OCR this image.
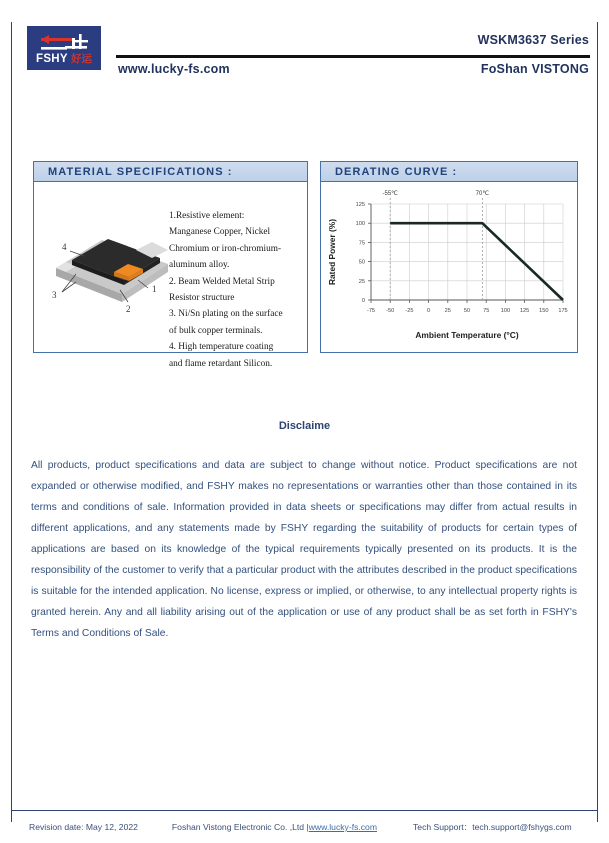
FSHY 好运
WSKM3637 Series
www.lucky-fs.com	FoShan VISTONG
MATERIAL SPECIFICATIONS :
4
3
2
1
1.Resistive element:
Manganese Copper, Nickel
Chromium or iron-chromium-
aluminum alloy.
2. Beam Welded Metal Strip
Resistor structure
3. Ni/Sn plating on the surface
of bulk copper terminals.
4. High temperature coating
and flame retardant Silicon.
DERATING CURVE :
-75 -50 -25 0	25 50 75 100 125 150 175
0
25
50
75
100
125
-55℃	70℃
Ambient Temperature (°C)
Rated Power (%)
Disclaime
All products, product specifications and data are subject to change without notice. Product specifications are not expanded or otherwise modified, and FSHY makes no representations or warranties other than those contained in its terms and conditions of sale. Information provided in data sheets or specifications may differ from actual results in different applications, and any statements made by FSHY regarding the suitability of products for certain types of applications are based on its knowledge of the typical requirements typically presented on its products. It is the responsibility of the customer to verify that a particular product with the attributes described in the product specifications is suitable for the intended application. No license, express or implied, or otherwise, to any intellectual property rights is granted herein. Any and all liability arising out of the application or use of any product shall be as set forth in FSHY's Terms and Conditions of Sale.
Revision date: May 12, 2022	Foshan Vistong Electronic Co. ,Ltd | www.lucky-fs.com	Tech Support： tech.support@fshygs.com
